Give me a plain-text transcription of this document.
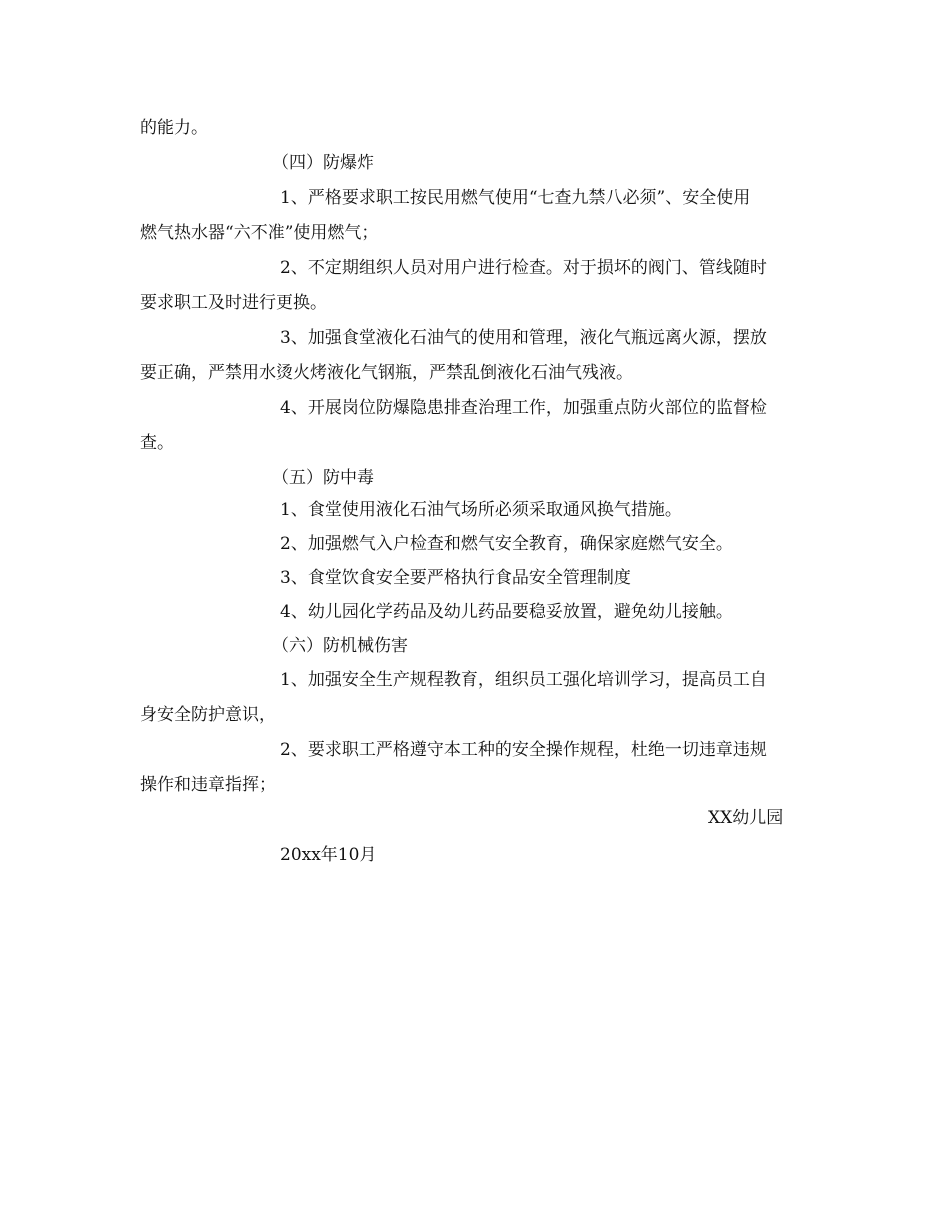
的能力。
（四）防爆炸
1、严格要求职工按民用燃气使用“七查九禁八必须”、安全使用
燃气热水器“六不准”使用燃气；
2、不定期组织人员对用户进行检查。对于损坏的阀门、管线随时
要求职工及时进行更换。
3、加强食堂液化石油气的使用和管理，液化气瓶远离火源，摆放
要正确，严禁用水烫火烤液化气钢瓶，严禁乱倒液化石油气残液。
4、开展岗位防爆隐患排查治理工作，加强重点防火部位的监督检
查。
（五）防中毒
1、食堂使用液化石油气场所必须采取通风换气措施。
2、加强燃气入户检查和燃气安全教育，确保家庭燃气安全。
3、食堂饮食安全要严格执行食品安全管理制度
4、幼儿园化学药品及幼儿药品要稳妥放置，避免幼儿接触。
（六）防机械伤害
1、加强安全生产规程教育，组织员工强化培训学习，提高员工自
身安全防护意识，
2、要求职工严格遵守本工种的安全操作规程，杜绝一切违章违规
操作和违章指挥；
XX幼儿园
20xx年10月
